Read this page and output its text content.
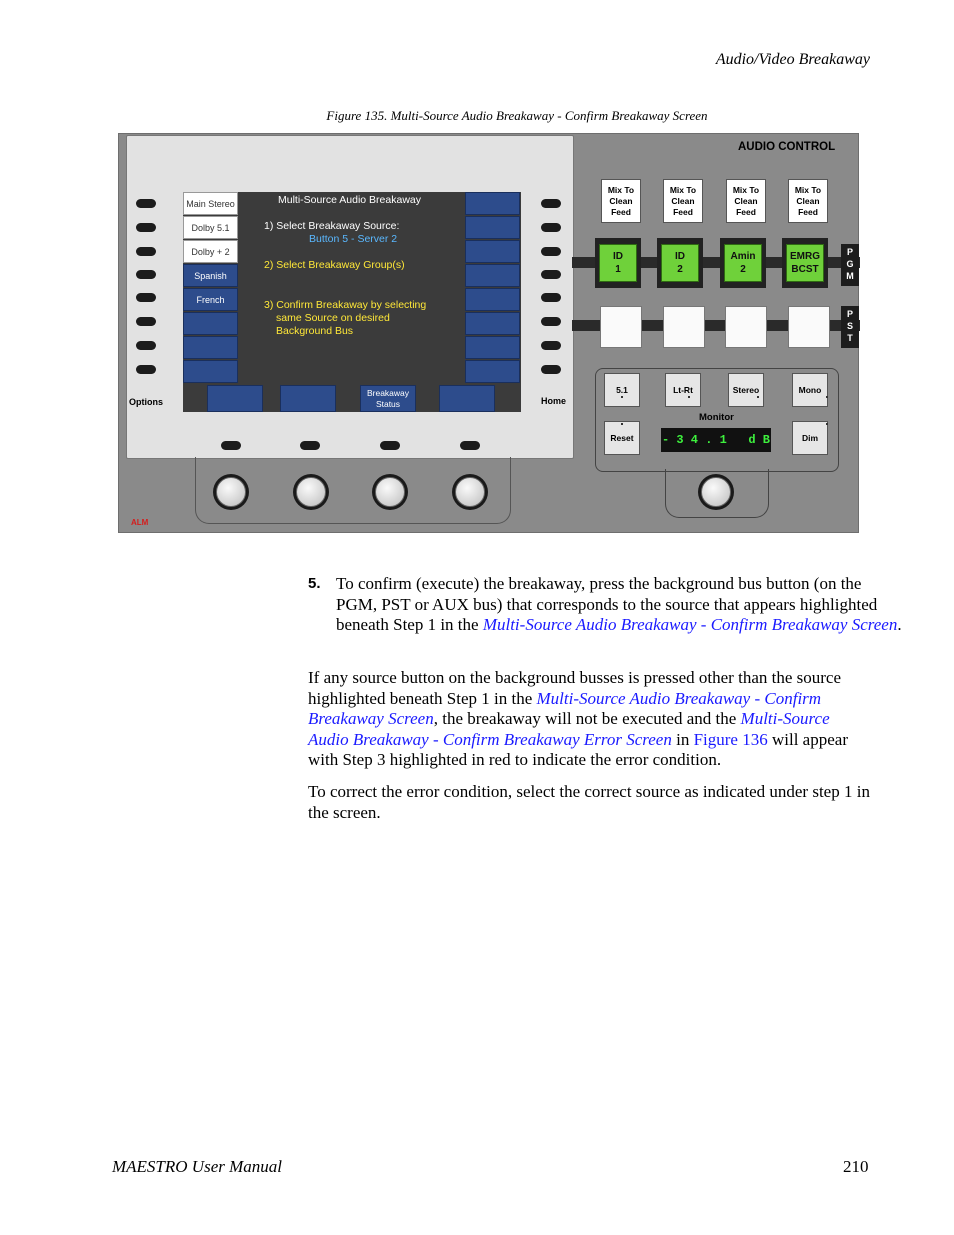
Audio/Video Breakaway
Figure 135. Multi-Source Audio Breakaway - Confirm Breakaway Screen
Options	Home
Main Stereo
Dolby 5.1
Dolby + 2
Spanish
French
Multi-Source Audio Breakaway
1) Select Breakaway Source:
Button 5 - Server 2
2) Select Breakaway Group(s)
3) Confirm Breakaway by selecting
same Source on desired
Background Bus
Breakaway
Status
ALM
AUDIO CONTROL
Mix To
Clean
Feed
Mix To
Clean
Feed
Mix To
Clean
Feed
Mix To
Clean
Feed
ID
1
ID
2
Amin
2
EMRG
BCST
P
G
M
P
S
T
5.1	Lt-Rt	Stereo	Mono
Monitor
Reset	- 3 4 . 1   d B	Dim
5. To confirm (execute) the breakaway, press the background bus button (on the PGM, PST or AUX bus) that corresponds to the source that appears highlighted beneath Step 1 in the Multi-Source Audio Breakaway - Confirm Breakaway Screen.
If any source button on the background busses is pressed other than the source highlighted beneath Step 1 in the Multi-Source Audio Breakaway - Confirm Breakaway Screen, the breakaway will not be executed and the Multi-Source Audio Breakaway - Confirm Breakaway Error Screen in Figure 136 will appear with Step 3 highlighted in red to indicate the error condition.
To correct the error condition, select the correct source as indicated under step 1 in the screen.
MAESTRO User Manual	210
